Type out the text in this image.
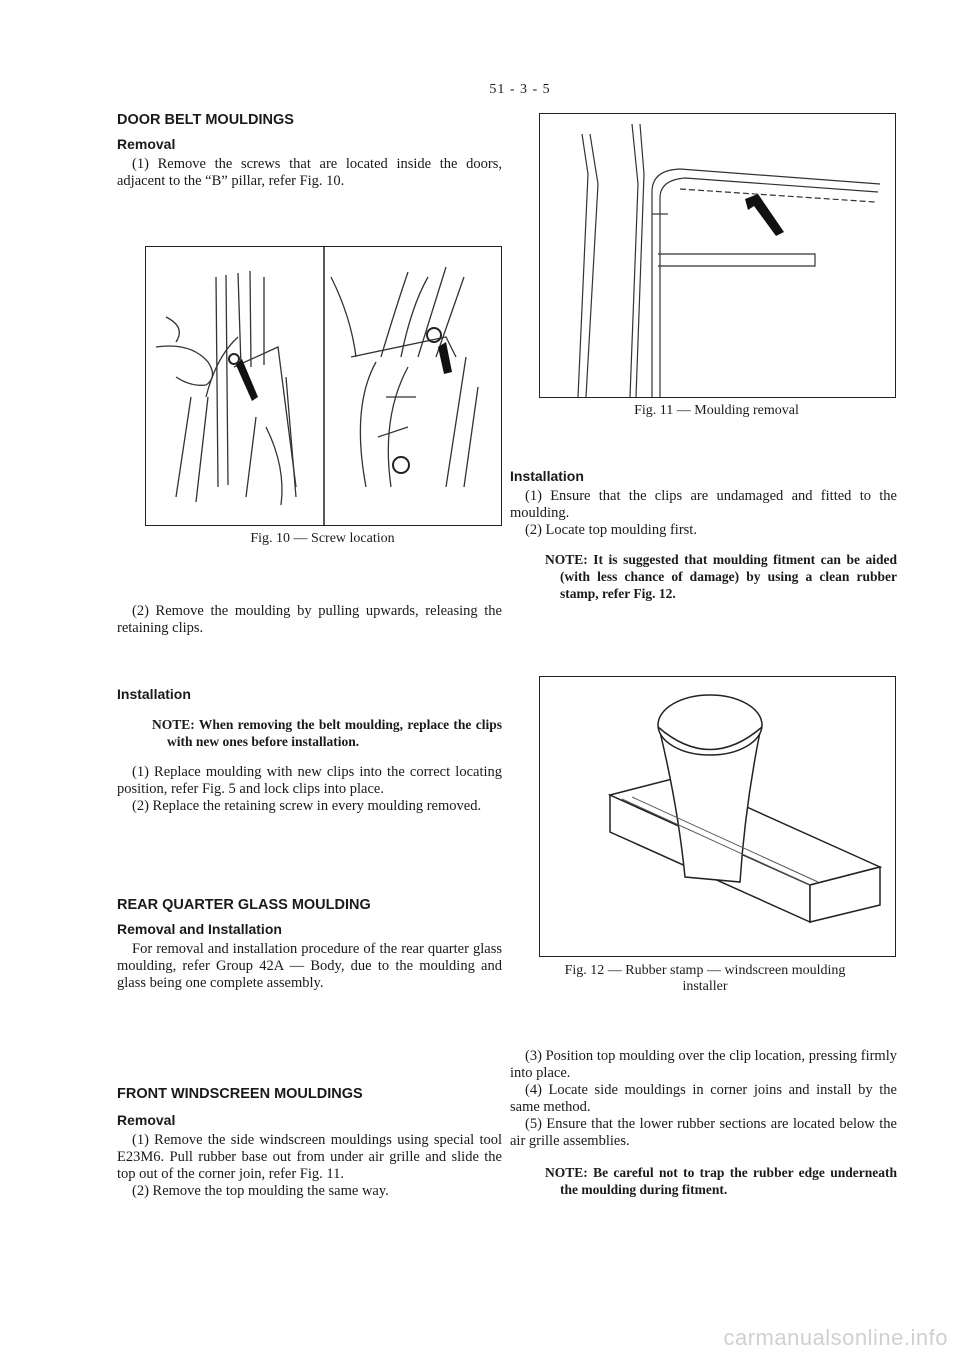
51 - 3 - 5
DOOR BELT MOULDINGS
Removal

(1) Remove the screws that are located inside the doors, adjacent to the “B” pillar, refer Fig. 10.

Fig. 10 — Screw location

(2) Remove the moulding by pulling upwards, releasing the retaining clips.

Installation

NOTE: When removing the belt moulding, replace the clips with new ones before installation.

(1) Replace moulding with new clips into the correct locating position, refer Fig. 5 and lock clips into place.

(2) Replace the retaining screw in every moulding removed.

REAR QUARTER GLASS MOULDING
Removal and Installation

For removal and installation procedure of the rear quarter glass moulding, refer Group 42A — Body, due to the moulding and glass being one complete assembly.

FRONT WINDSCREEN MOULDINGS
Removal

(1) Remove the side windscreen mouldings using special tool E23M6. Pull rubber base out from under air grille and slide the top out of the corner join, refer Fig. 11.

(2) Remove the top moulding the same way.

Fig. 11 — Moulding removal
Installation

(1) Ensure that the clips are undamaged and fitted to the moulding.

(2) Locate top moulding first.

NOTE: It is suggested that moulding fitment can be aided (with less chance of damage) by using a clean rubber stamp, refer Fig. 12.

Fig. 12 — Rubber stamp — windscreen moulding
installer

(3) Position top moulding over the clip location, pressing firmly into place.

(4) Locate side mouldings in corner joins and install by the same method.

(5) Ensure that the lower rubber sections are located below the air grille assemblies.

NOTE: Be careful not to trap the rubber edge underneath the moulding during fitment.

carmanualsonline.info
